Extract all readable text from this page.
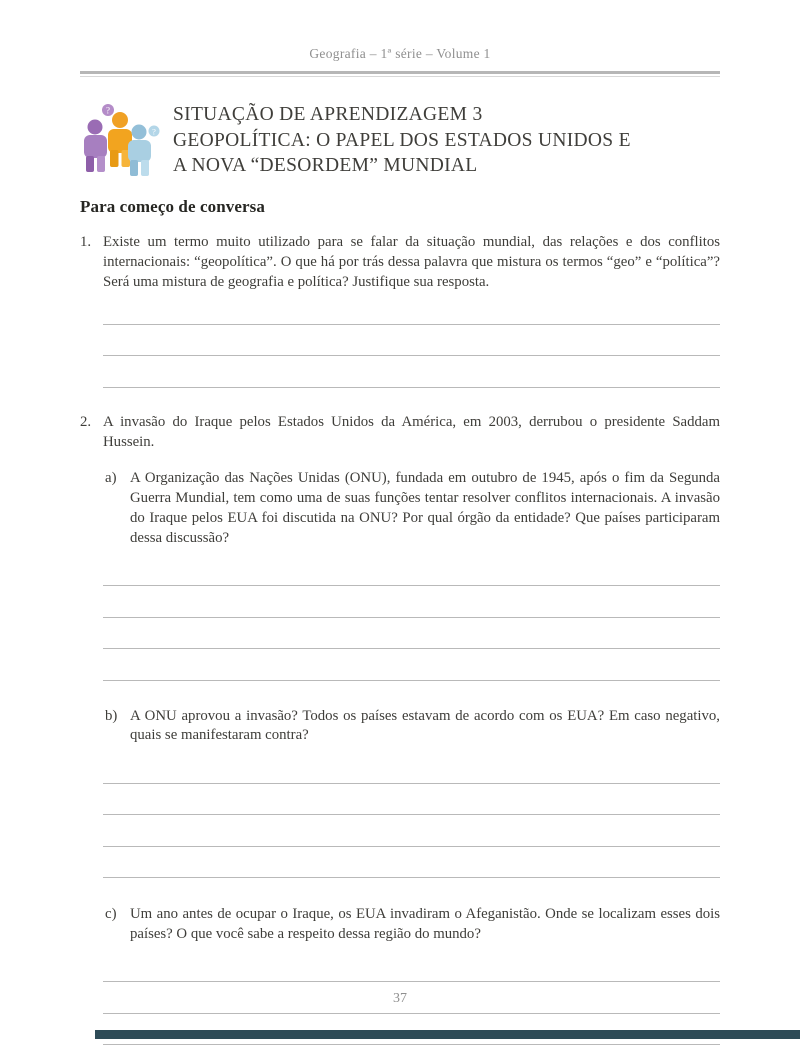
Geografia – 1ª série – Volume 1
?
?
SITUAÇÃO DE APRENDIZAGEM 3
GEOPOLÍTICA: O PAPEL DOS ESTADOS UNIDOS E
A NOVA “DESORDEM” MUNDIAL
Para começo de conversa
1. Existe um termo muito utilizado para se falar da situação mundial, das relações e dos conflitos internacionais: “geopolítica”. O que há por trás dessa palavra que mistura os termos “geo” e “política”? Será uma mistura de geografia e política? Justifique sua resposta.
2. A invasão do Iraque pelos Estados Unidos da América, em 2003, derrubou o presidente Saddam Hussein.
a) A Organização das Nações Unidas (ONU), fundada em outubro de 1945, após o fim da Segunda Guerra Mundial, tem como uma de suas funções tentar resolver conflitos internacionais. A invasão do Iraque pelos EUA foi discutida na ONU? Por qual órgão da entidade? Que países participaram dessa discussão?
b) A ONU aprovou a invasão? Todos os países estavam de acordo com os EUA? Em caso negativo, quais se manifestaram contra?
c) Um ano antes de ocupar o Iraque, os EUA invadiram o Afeganistão. Onde se localizam esses dois países? O que você sabe a respeito dessa região do mundo?
37
